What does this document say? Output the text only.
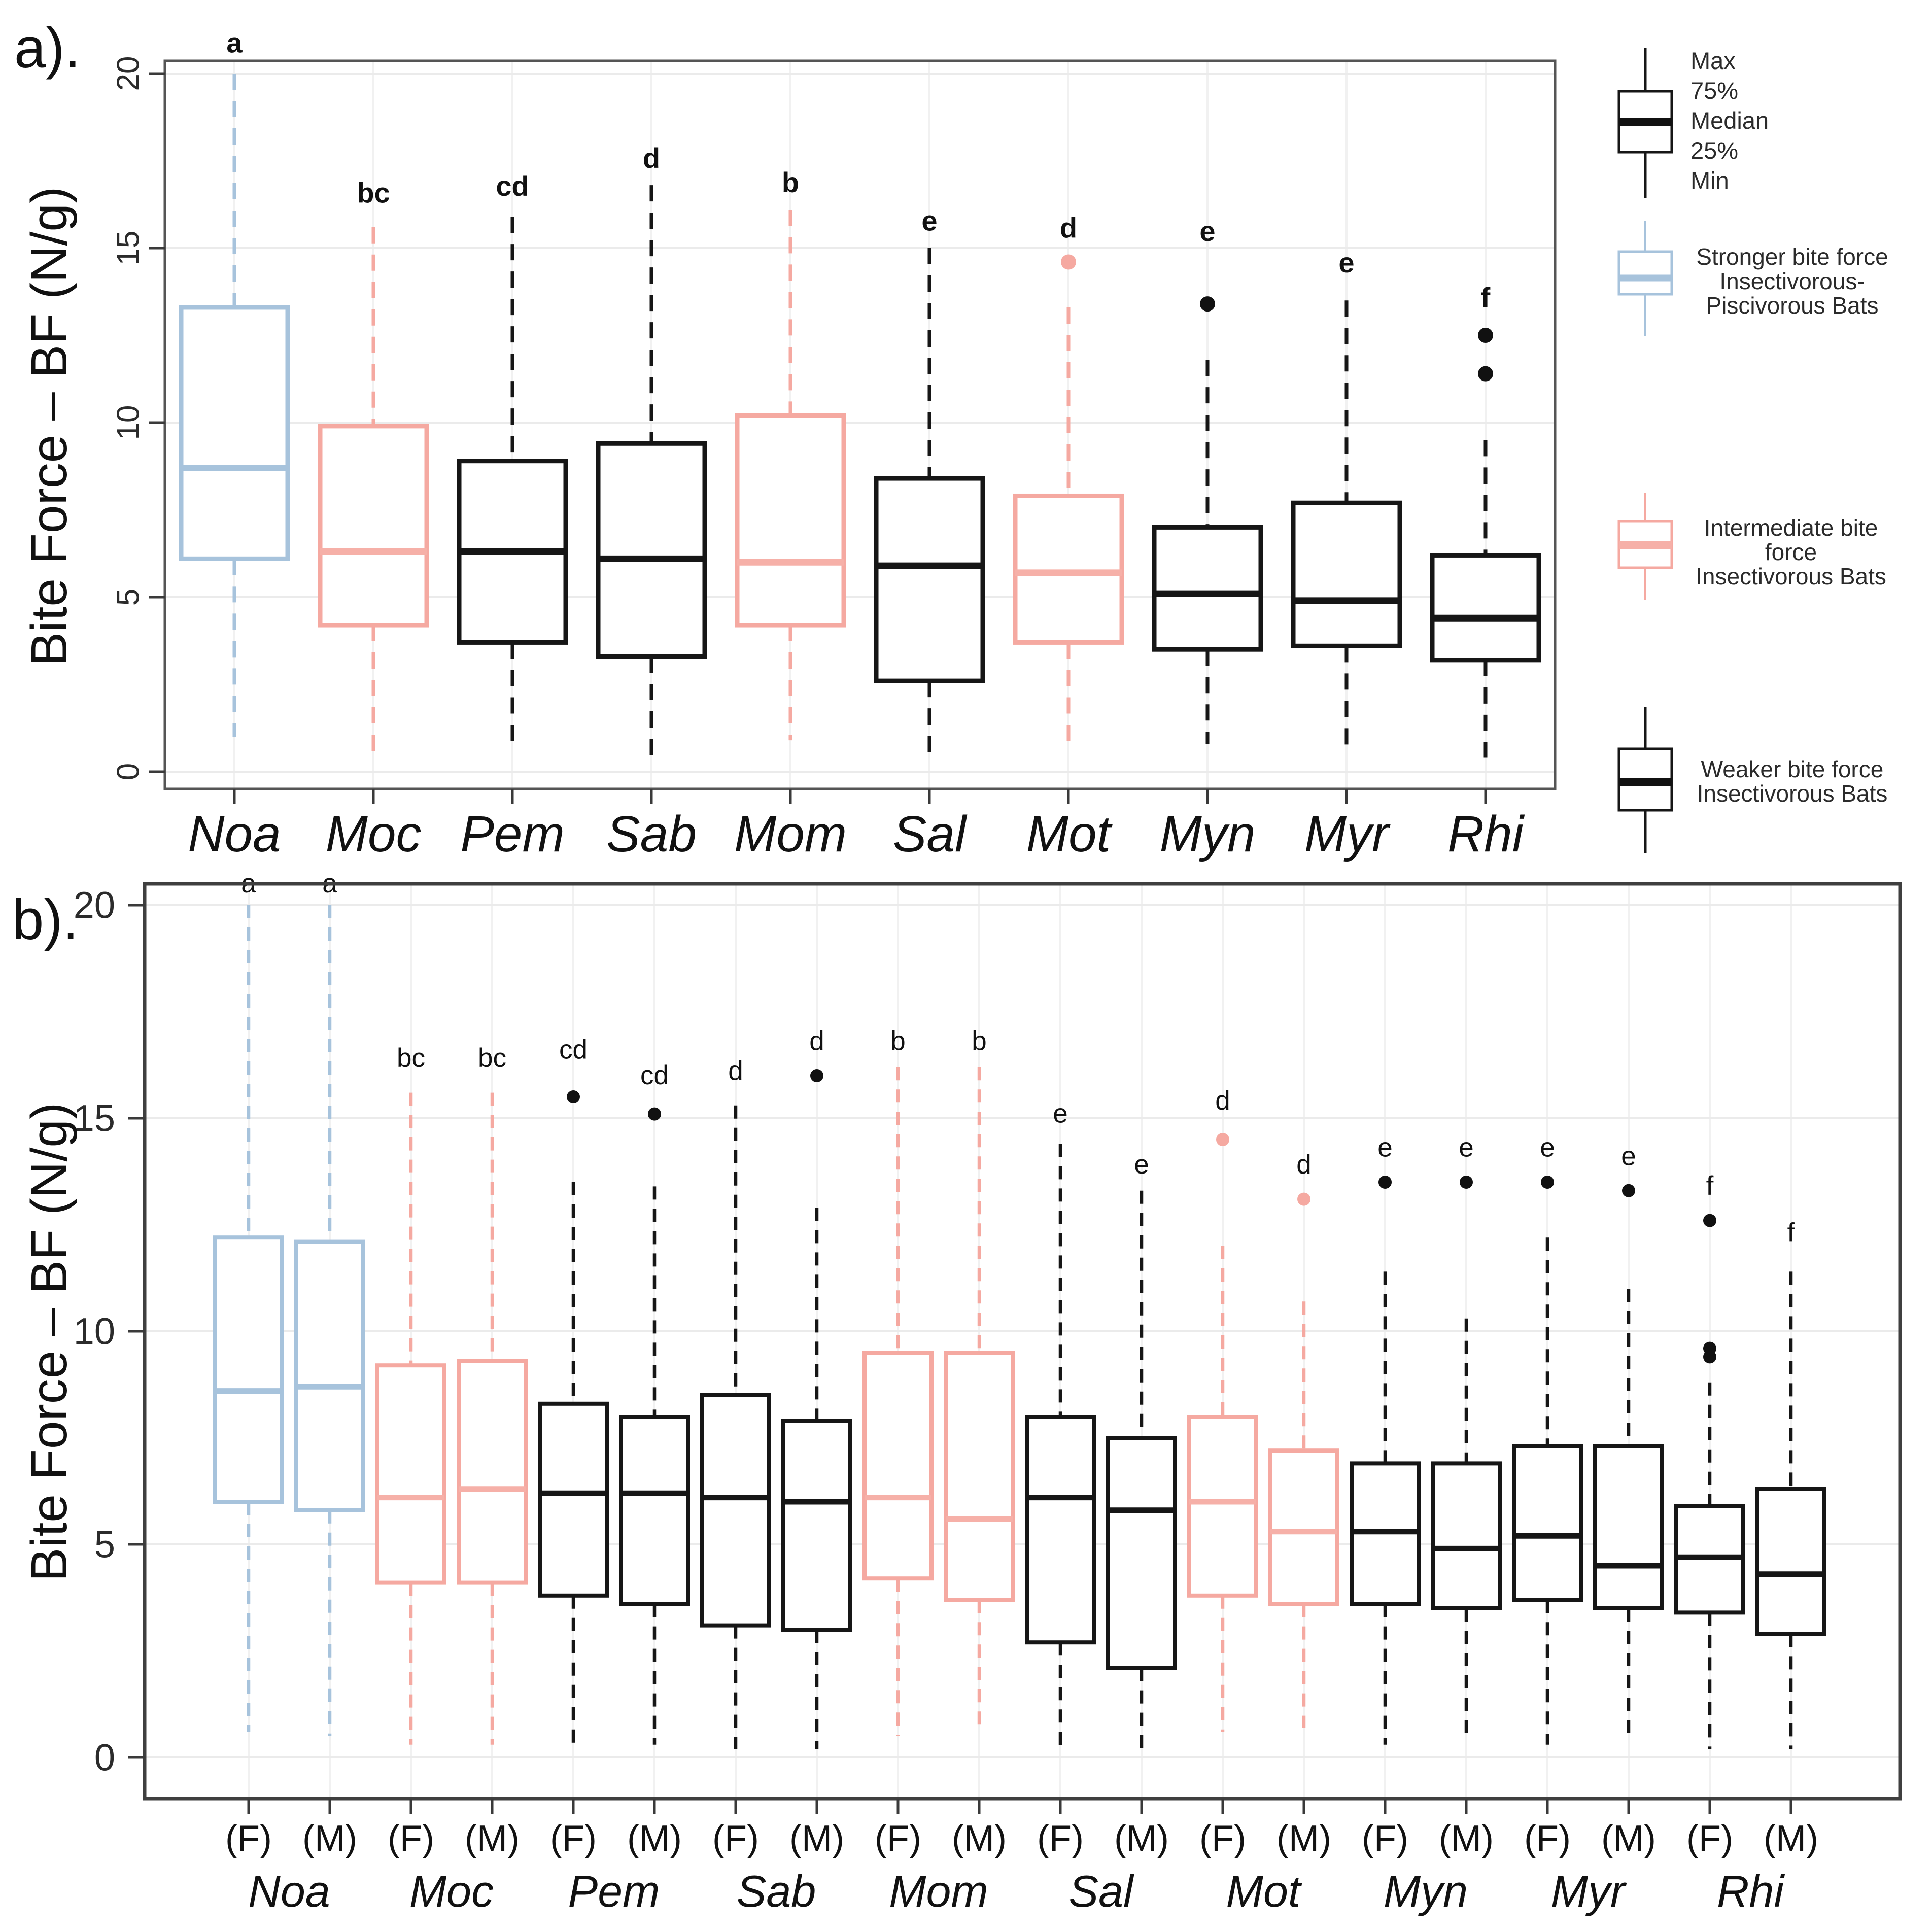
a
bc	cd
d
b
e	d	e
e
f
0
5
10
15
20
Noa Moc Pem Sab Mom Sal Mot Myn Myr Rhi
a a
bc bc cd
cd d
d b b
e
e
d
d
e e e e
f
f
0
5
10
15
20
(F) (M) (F) (M) (F) (M) (F) (M) (F) (M) (F) (M) (F) (M) (F) (M) (F) (M) (F) (M)
Noa Moc Pem Sab Mom Sal Mot Myn Myr Rhi
a).
b).
Bite Force – BF (N/g)
Bite Force – BF (N/g)
Max
75%
Median
25%
Min
Stronger bite force
Insectivorous-
Piscivorous Bats
Intermediate bite
force
Insectivorous Bats
Weaker bite force
Insectivorous Bats
